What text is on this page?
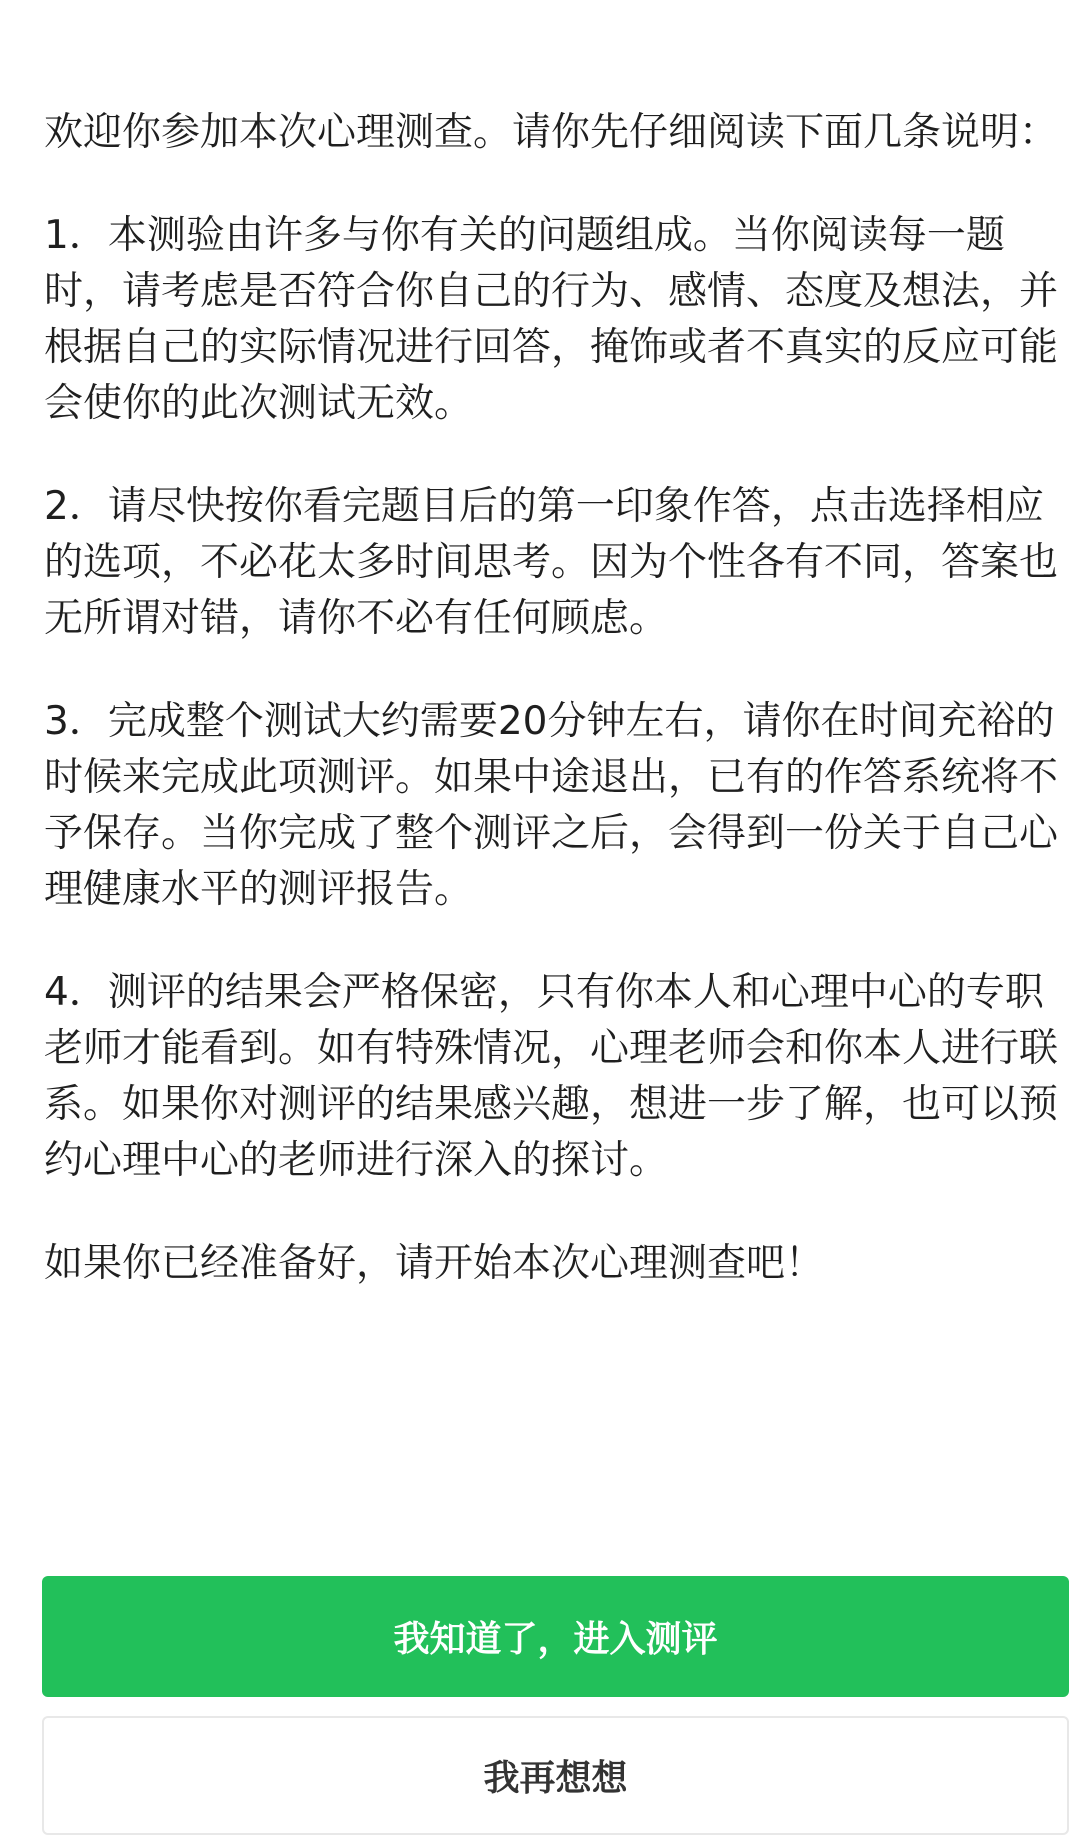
欢迎你参加本次心理测查。请你先仔细阅读下面几条说明：

1．本测验由许多与你有关的问题组成。当你阅读每一题时，请考虑是否符合你自己的行为、感情、态度及想法，并根据自己的实际情况进行回答，掩饰或者不真实的反应可能会使你的此次测试无效。

2．请尽快按你看完题目后的第一印象作答，点击选择相应的选项，不必花太多时间思考。因为个性各有不同，答案也无所谓对错，请你不必有任何顾虑。

3．完成整个测试大约需要20分钟左右，请你在时间充裕的时候来完成此项测评。如果中途退出，已有的作答系统将不予保存。当你完成了整个测评之后，会得到一份关于自己心理健康水平的测评报告。

4．测评的结果会严格保密，只有你本人和心理中心的专职老师才能看到。如有特殊情况，心理老师会和你本人进行联系。如果你对测评的结果感兴趣，想进一步了解，也可以预约心理中心的老师进行深入的探讨。

如果你已经准备好，请开始本次心理测查吧！

我知道了，进入测评
我再想想
